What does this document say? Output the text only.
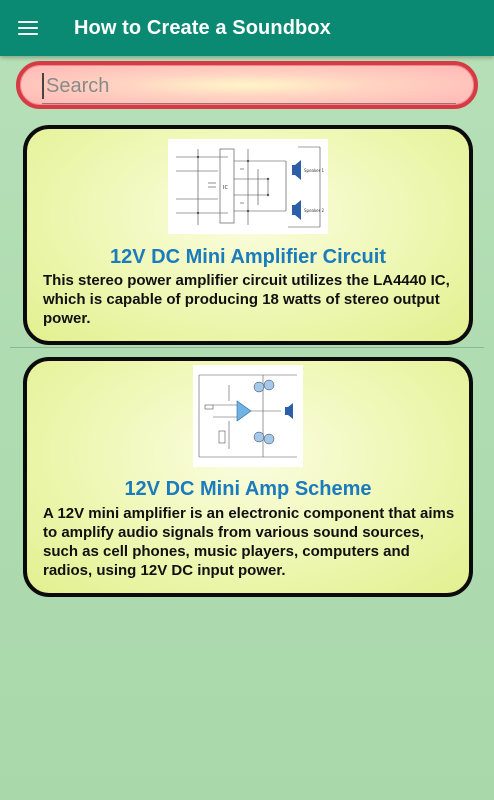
How to Create a Soundbox
Search
Speaker 1
Speaker 2
IC
12V DC Mini Amplifier Circuit
This stereo power amplifier circuit utilizes the LA4440 IC, which is capable of producing 18 watts of stereo output power.
12V DC Mini Amp Scheme
A 12V mini amplifier is an electronic component that aims to amplify audio signals from various sound sources, such as cell phones, music players, computers and radios, using 12V DC input power.
